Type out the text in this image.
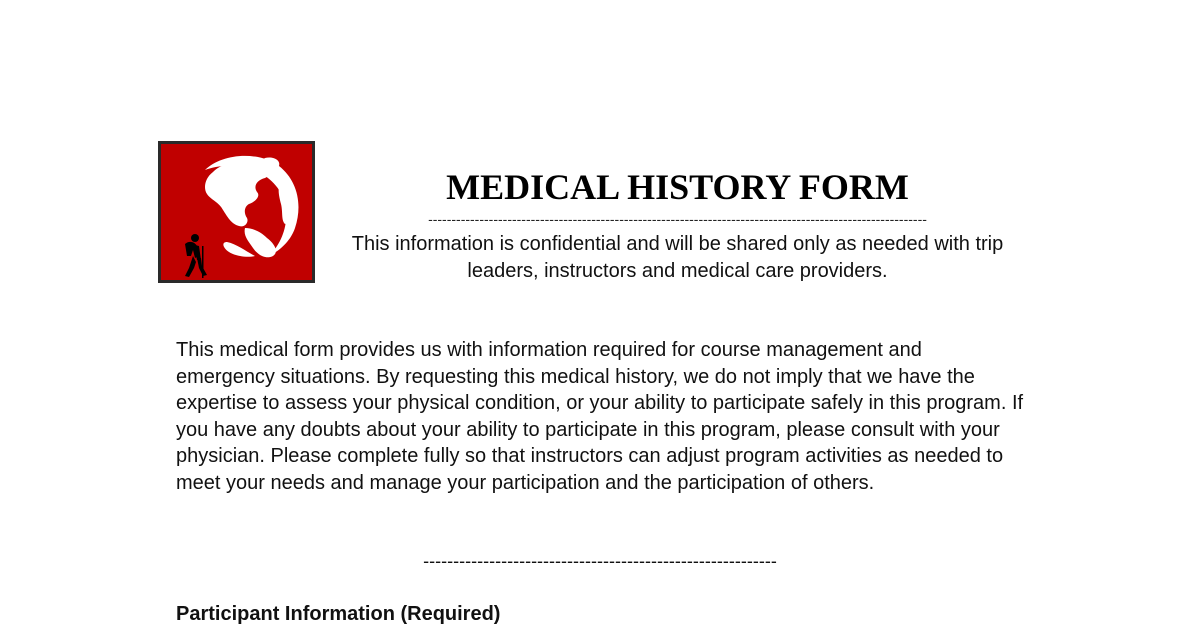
MEDICAL HISTORY FORM
-----------------------------------------------------------------------------------------------------------
This information is confidential and will be shared only as needed with trip leaders, instructors and medical care providers.

This medical form provides us with information required for course management and emergency situations. By requesting this medical history, we do not imply that we have the expertise to assess your physical condition, or your ability to participate safely in this program. If you have any doubts about your ability to participate in this program, please consult with your physician. Please complete fully so that instructors can adjust program activities as needed to meet your needs and manage your participation and the participation of others.

-----------------------------------------------------------
Participant Information (Required)
